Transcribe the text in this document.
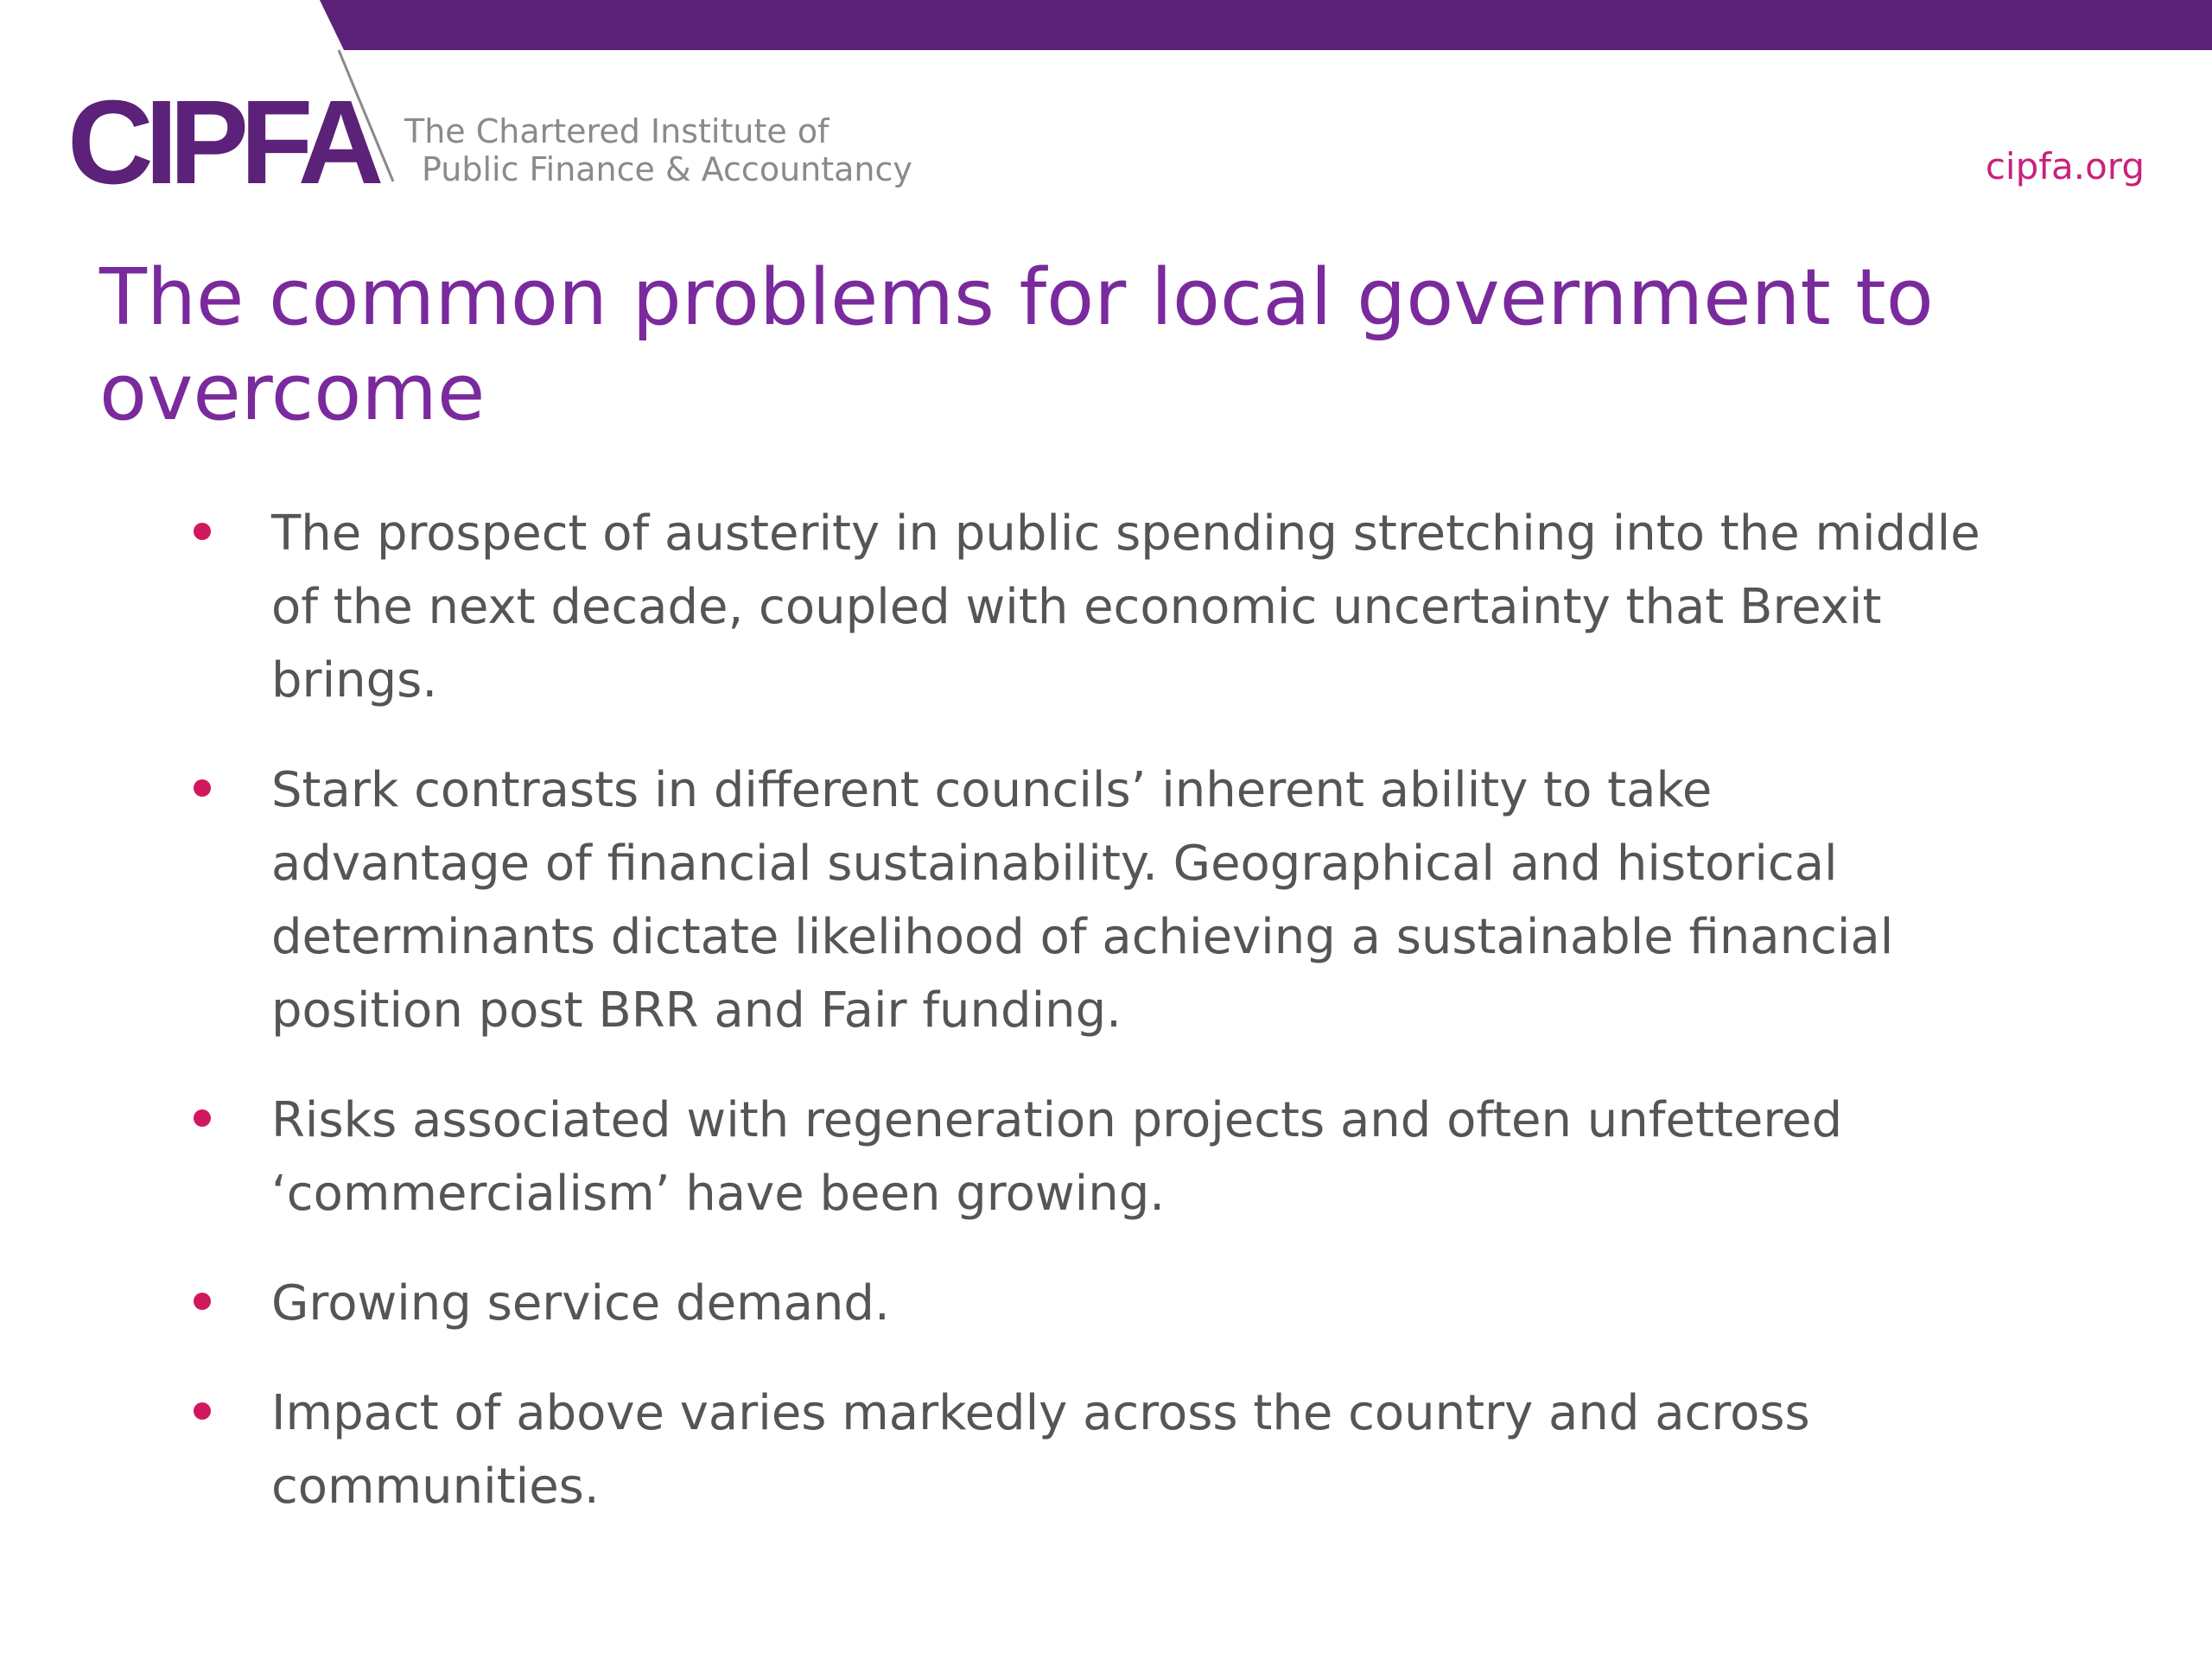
CIPFA The Chartered Institute of
Public Finance & Accountancy	cipfa.org
The common problems for local government to overcome
The prospect of austerity in public spending stretching into the middle of the next decade, coupled with economic uncertainty that Brexit brings.
Stark contrasts in different councils’ inherent ability to take advantage of financial sustainability. Geographical and historical determinants dictate likelihood of achieving a sustainable financial position post BRR and Fair funding.
Risks associated with regeneration projects and often unfettered ‘commercialism’ have been growing.
Growing service demand.
Impact of above varies markedly across the country and across communities.
